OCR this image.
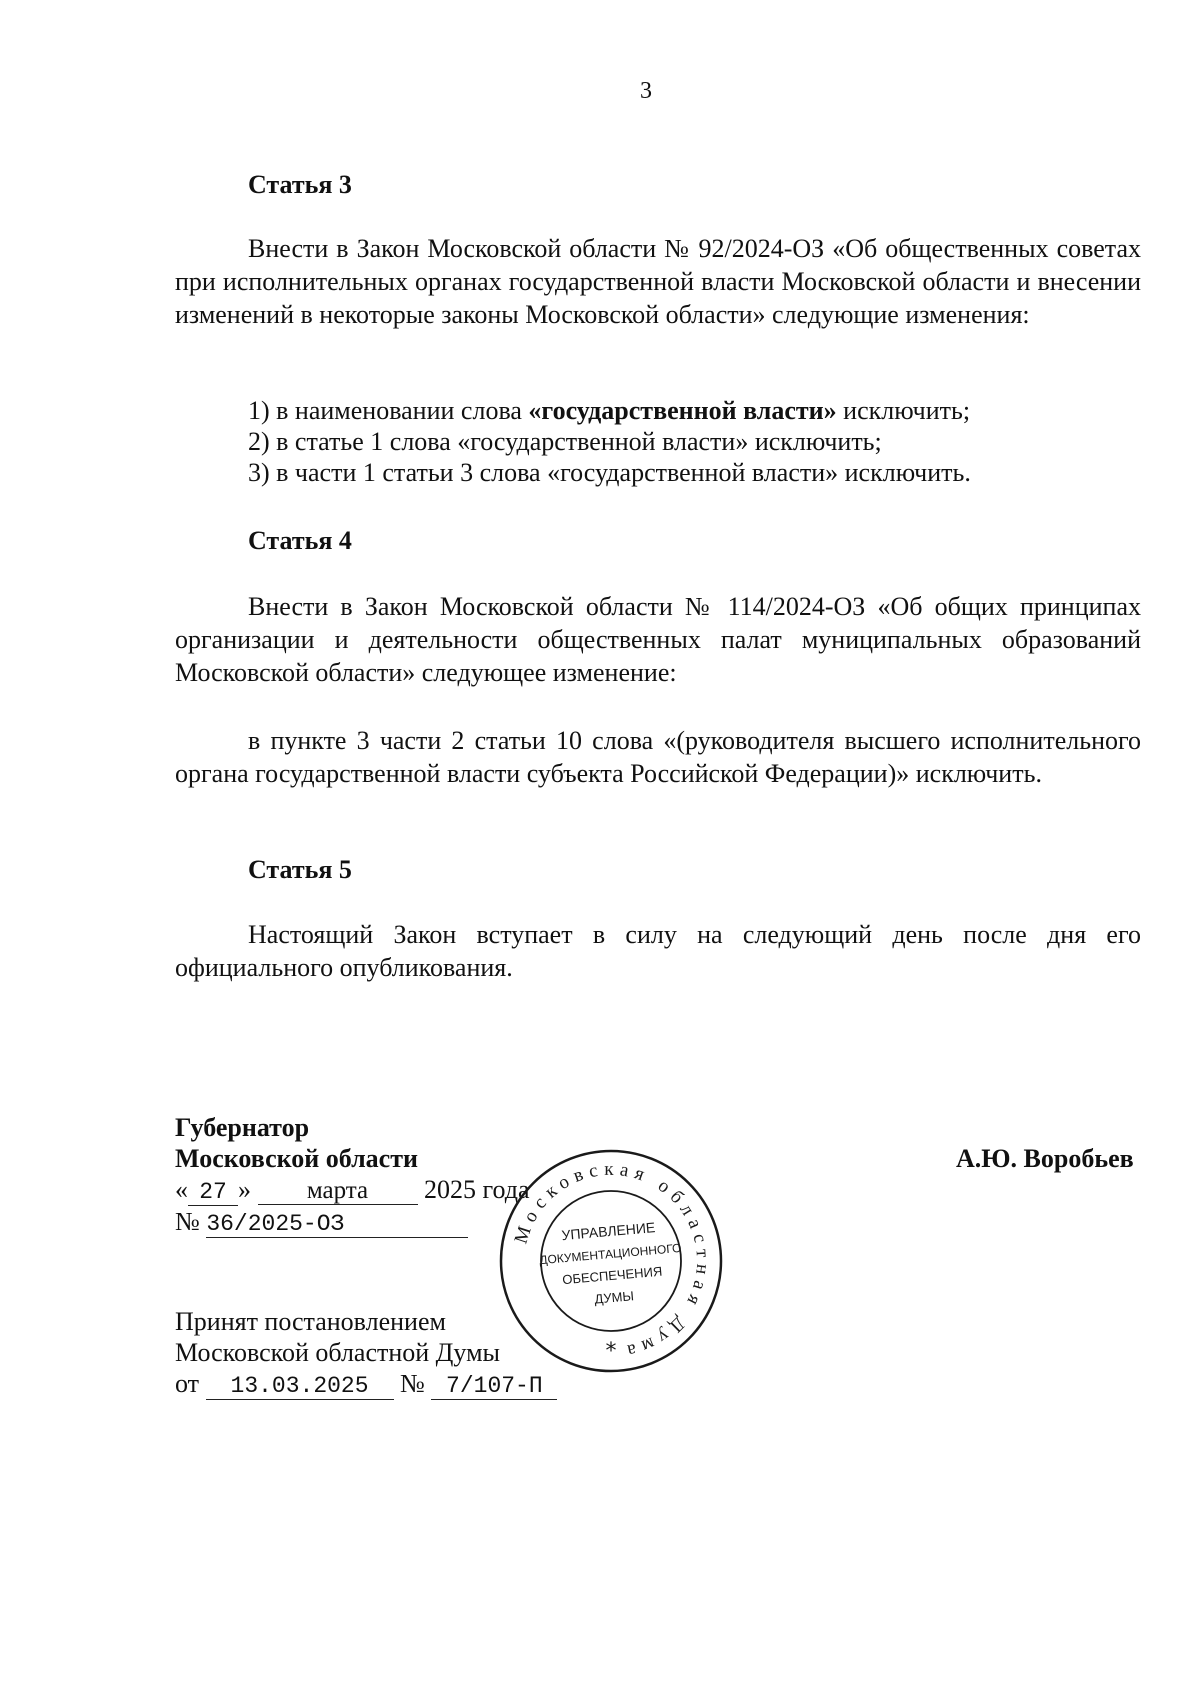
3
Статья 3

Внести в Закон Московской области № 92/2024-ОЗ «Об общественных советах при исполнительных органах государственной власти Московской области и внесении изменений в некоторые законы Московской области» следующие изменения:

1) в наименовании слова «государственной власти» исключить;
2) в статье 1 слова «государственной власти» исключить;
3) в части 1 статьи 3 слова «государственной власти» исключить.
Статья 4

Внести в Закон Московской области № 114/2024-ОЗ «Об общих принципах организации и деятельности общественных палат муниципальных образований Московской области» следующее изменение:

в пункте 3 части 2 статьи 10 слова «(руководителя высшего исполнительного органа государственной власти субъекта Российской Федерации)» исключить.

Статья 5

Настоящий Закон вступает в силу на следующий день после дня его официального опубликования.

Губернатор
Московской области
« 27 » марта 2025 года
№ 36/2025-ОЗ
А.Ю. Воробьев
Принят постановлением
Московской областной Думы
от 13.03.2025 № 7/107-П
Московская областная Дума
УПРАВЛЕНИЕ
ДОКУМЕНТАЦИОННОГО
ОБЕСПЕЧЕНИЯ
ДУМЫ
*
